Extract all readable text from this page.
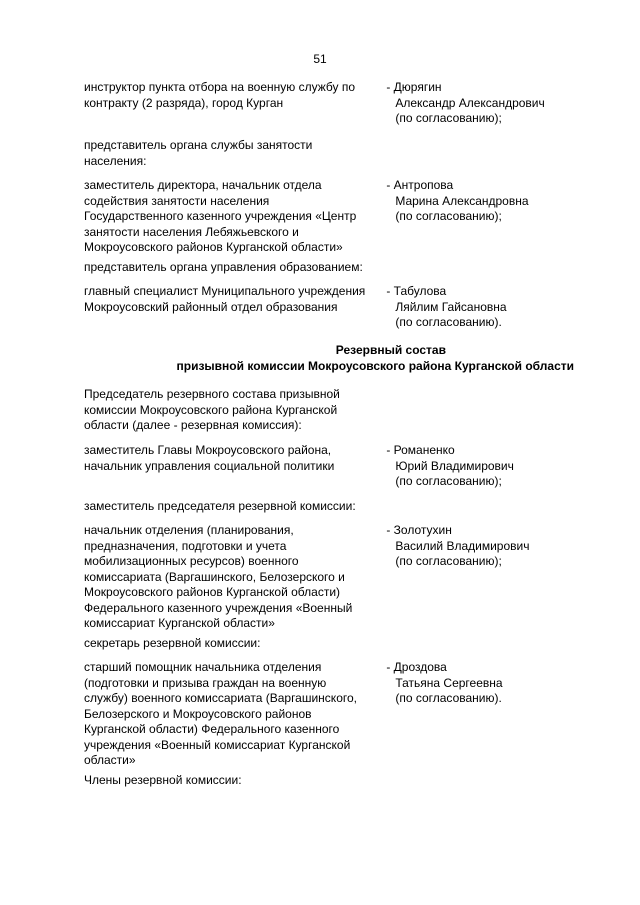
51
инструктор пункта отбора на военную службу по
контракту (2 разряда), город Курган
- Дюрягин
Александр Александрович
(по согласованию);
представитель органа службы занятости
населения:
заместитель директора, начальник отдела
содействия занятости населения
Государственного казенного учреждения «Центр
занятости населения Лебяжьевского и
Мокроусовского районов Курганской области»
- Антропова
Марина Александровна
(по согласованию);
представитель органа управления образованием:
главный специалист Муниципального учреждения
Мокроусовский районный отдел образования
- Табулова
Ляйлим Гайсановна
(по согласованию).
Резервный состав
призывной комиссии Мокроусовского района Курганской области
Председатель резервного состава призывной
комиссии Мокроусовского района Курганской
области (далее - резервная комиссия):
заместитель Главы Мокроусовского района,
начальник управления социальной политики
- Романенко
Юрий Владимирович
(по согласованию);
заместитель председателя резервной комиссии:
начальник отделения (планирования,
предназначения, подготовки и учета
мобилизационных ресурсов) военного
комиссариата (Варгашинского, Белозерского и
Мокроусовского районов Курганской области)
Федерального казенного учреждения «Военный
комиссариат Курганской области»
- Золотухин
Василий Владимирович
(по согласованию);
секретарь резервной комиссии:
старший помощник начальника отделения
(подготовки и призыва граждан на военную
службу) военного комиссариата (Варгашинского,
Белозерского и Мокроусовского районов
Курганской области) Федерального казенного
учреждения «Военный комиссариат Курганской
области»
- Дроздова
Татьяна Сергеевна
(по согласованию).
Члены резервной комиссии:
